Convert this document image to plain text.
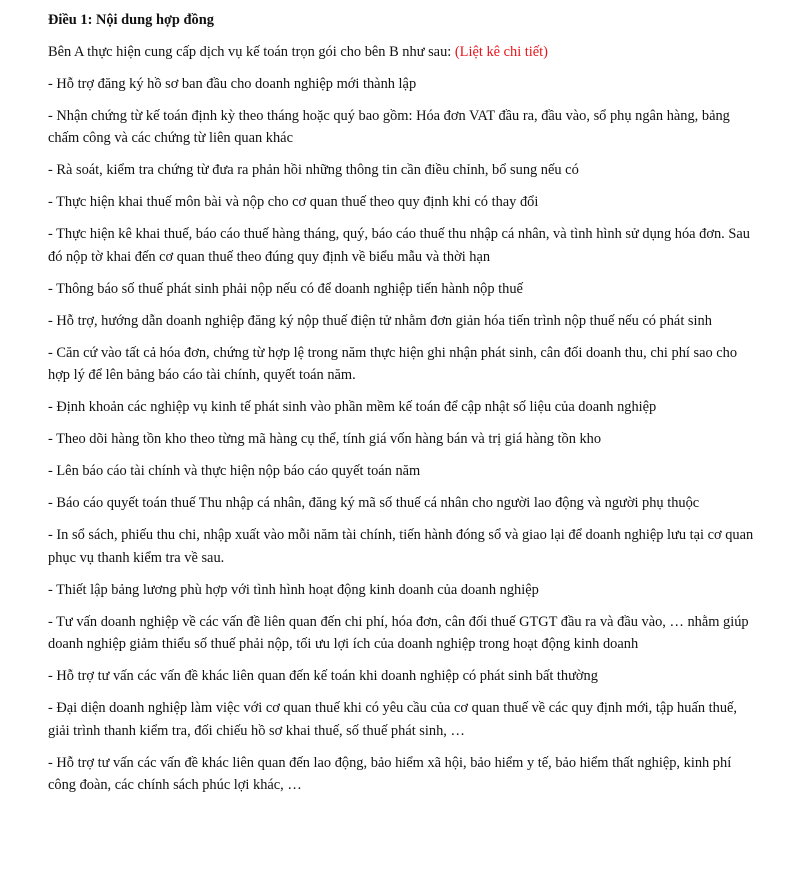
Điều 1: Nội dung hợp đồng

Bên A thực hiện cung cấp dịch vụ kế toán trọn gói cho bên B như sau: (Liệt kê chi tiết)

- Hỗ trợ đăng ký hồ sơ ban đầu cho doanh nghiệp mới thành lập

- Nhận chứng từ kế toán định kỳ theo tháng hoặc quý bao gồm: Hóa đơn VAT đầu ra, đầu vào, sổ phụ ngân hàng, bảng chấm công và các chứng từ liên quan khác

- Rà soát, kiểm tra chứng từ đưa ra phản hồi những thông tin cần điều chỉnh, bổ sung nếu có

- Thực hiện khai thuế môn bài và nộp cho cơ quan thuế theo quy định khi có thay đổi

- Thực hiện kê khai thuế, báo cáo thuế hàng tháng, quý, báo cáo thuế thu nhập cá nhân, và tình hình sử dụng hóa đơn. Sau đó nộp tờ khai đến cơ quan thuế theo đúng quy định về biểu mẫu và thời hạn

- Thông báo số thuế phát sinh phải nộp nếu có để doanh nghiệp tiến hành nộp thuế

- Hỗ trợ, hướng dẫn doanh nghiệp đăng ký nộp thuế điện tử nhằm đơn giản hóa tiến trình nộp thuế nếu có phát sinh

- Căn cứ vào tất cả hóa đơn, chứng từ hợp lệ trong năm thực hiện ghi nhận phát sinh, cân đối doanh thu, chi phí sao cho hợp lý để lên bảng báo cáo tài chính, quyết toán năm.

- Định khoản các nghiệp vụ kinh tế phát sinh vào phần mềm kế toán để cập nhật số liệu của doanh nghiệp

- Theo dõi hàng tồn kho theo từng mã hàng cụ thể, tính giá vốn hàng bán và trị giá hàng tồn kho

- Lên báo cáo tài chính và thực hiện nộp báo cáo quyết toán năm

- Báo cáo quyết toán thuế Thu nhập cá nhân, đăng ký mã số thuế cá nhân cho người lao động và người phụ thuộc

- In sổ sách, phiếu thu chi, nhập xuất vào mỗi năm tài chính, tiến hành đóng sổ và giao lại để doanh nghiệp lưu tại cơ quan phục vụ thanh kiểm tra về sau.

- Thiết lập bảng lương phù hợp với tình hình hoạt động kinh doanh của doanh nghiệp

- Tư vấn doanh nghiệp về các vấn đề liên quan đến chi phí, hóa đơn, cân đối thuế GTGT đầu ra và đầu vào, … nhằm giúp doanh nghiệp giảm thiểu số thuế phải nộp, tối ưu lợi ích của doanh nghiệp trong hoạt động kinh doanh

- Hỗ trợ tư vấn các vấn đề khác liên quan đến kế toán khi doanh nghiệp có phát sinh bất thường

- Đại diện doanh nghiệp làm việc với cơ quan thuế khi có yêu cầu của cơ quan thuế về các quy định mới, tập huấn thuế, giải trình thanh kiểm tra, đối chiếu hồ sơ khai thuế, số thuế phát sinh, …

- Hỗ trợ tư vấn các vấn đề khác liên quan đến lao động, bảo hiểm xã hội, bảo hiểm y tế, bảo hiểm thất nghiệp, kinh phí công đoàn, các chính sách phúc lợi khác, …
